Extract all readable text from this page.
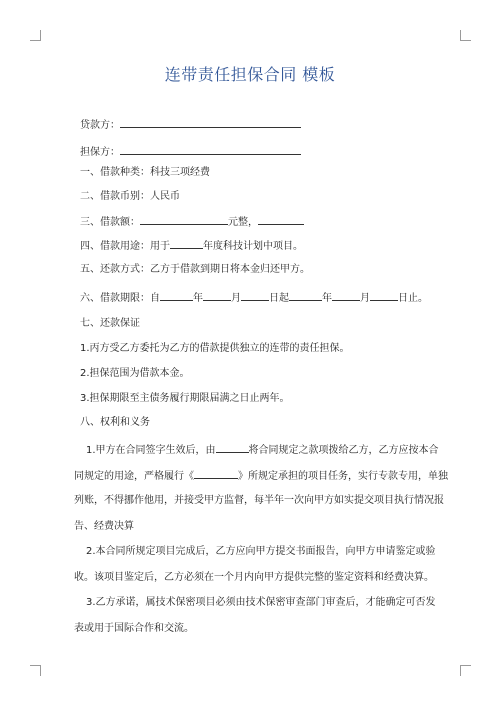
连带责任担保合同 模板
贷款方：
担保方：
一、借款种类：科技三项经费
二、借款币别：人民币
三、借款额：	元整，
四、借款用途：用于	年度科技计划中项目。
五、还款方式：乙方于借款到期日将本金归还甲方。
六、借款期限：自	年	月	日起	年	月	日止。
七、还款保证
1.丙方受乙方委托为乙方的借款提供独立的连带的责任担保。
2.担保范围为借款本金。
3.担保期限至主债务履行期限届满之日止两年。
八、权利和义务
1.甲方在合同签字生效后，由	将合同规定之款项拨给乙方，乙方应按本合
同规定的用途，严格履行《	》所规定承担的项目任务，实行专款专用，单独
列账，不得挪作他用，并接受甲方监督，每半年一次向甲方如实提交项目执行情况报
告、经费决算
2.本合同所规定项目完成后，乙方应向甲方提交书面报告，向甲方申请鉴定或验
收。该项目鉴定后，乙方必须在一个月内向甲方提供完整的鉴定资料和经费决算。
3.乙方承诺，属技术保密项目必须由技术保密审查部门审查后，才能确定可否发
表或用于国际合作和交流。
